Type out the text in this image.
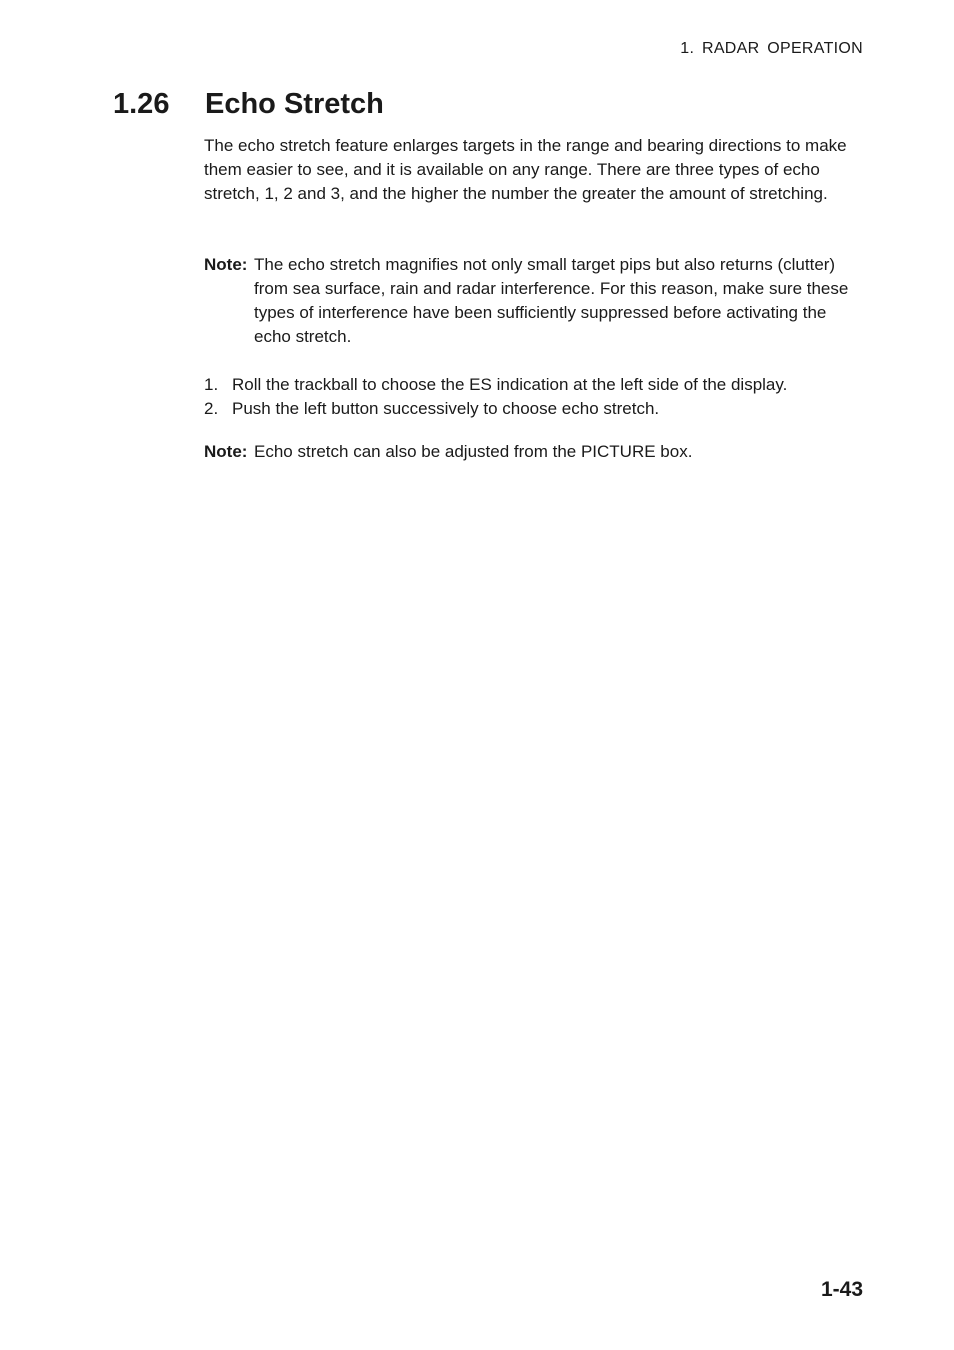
1. RADAR OPERATION
1.26 Echo Stretch

The echo stretch feature enlarges targets in the range and bearing directions to make them easier to see, and it is available on any range. There are three types of echo stretch, 1, 2 and 3, and the higher the number the greater the amount of stretching.

Note: The echo stretch magnifies not only small target pips but also returns (clutter) from sea surface, rain and radar interference. For this reason, make sure these types of interference have been sufficiently suppressed before activating the echo stretch.
1. Roll the trackball to choose the ES indication at the left side of the display.
2. Push the left button successively to choose echo stretch.
Note: Echo stretch can also be adjusted from the PICTURE box.
1-43
